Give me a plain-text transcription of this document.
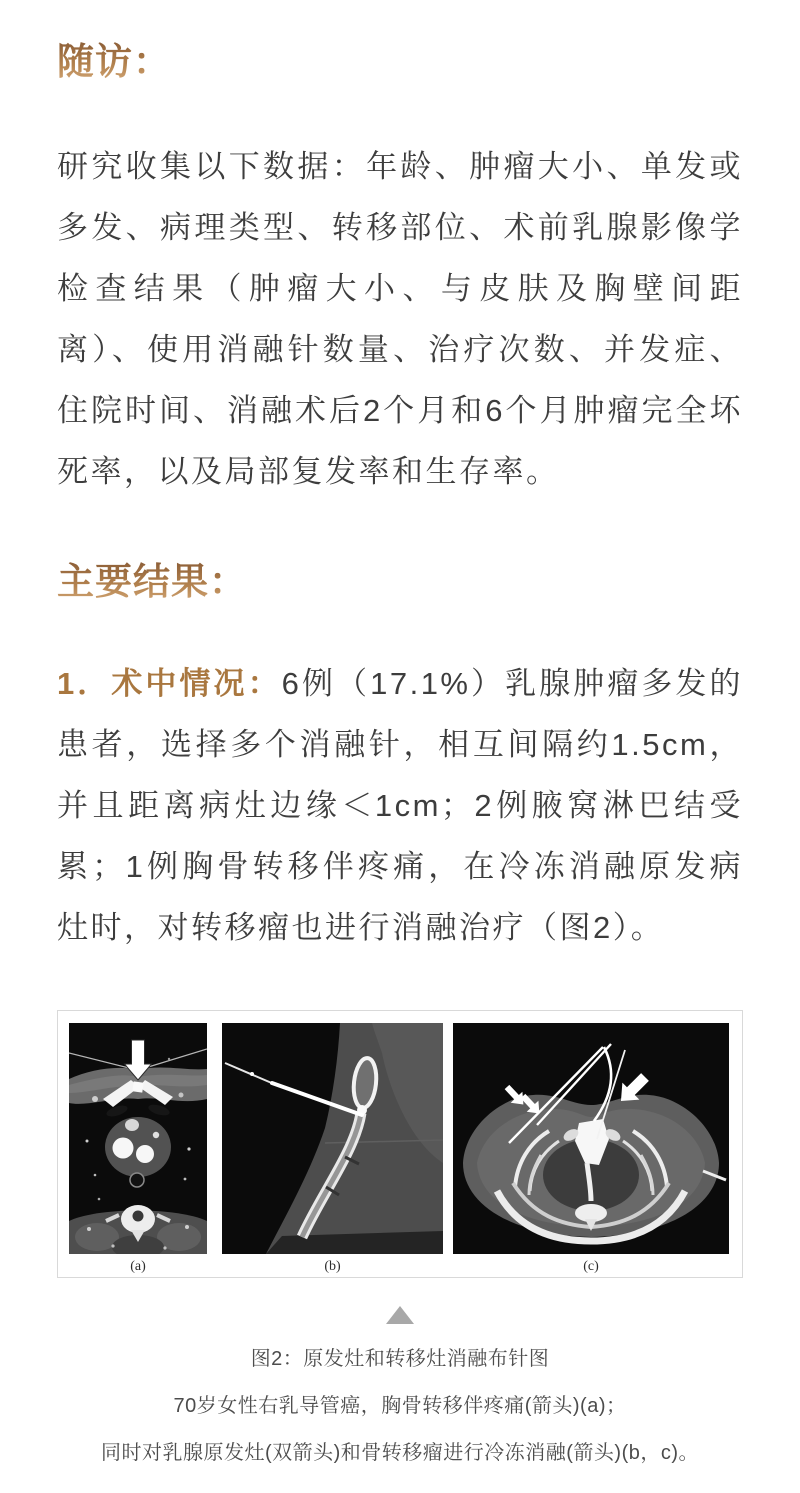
随访：

研究收集以下数据：年龄、肿瘤大小、单发或多发、病理类型、转移部位、术前乳腺影像学检查结果（肿瘤大小、与皮肤及胸壁间距离）、使用消融针数量、治疗次数、并发症、住院时间、消融术后2个月和6个月肿瘤完全坏死率，以及局部复发率和生存率。

主要结果：

1．术中情况：6例（17.1%）乳腺肿瘤多发的患者，选择多个消融针，相互间隔约1.5cm，并且距离病灶边缘＜1cm；2例腋窝淋巴结受累；1例胸骨转移伴疼痛，在冷冻消融原发病灶时，对转移瘤也进行消融治疗（图2）。

(a)	(b)	(c)
图2：原发灶和转移灶消融布针图
70岁女性右乳导管癌，胸骨转移伴疼痛(箭头)(a)；
同时对乳腺原发灶(双箭头)和骨转移瘤进行冷冻消融(箭头)(b，c)。
